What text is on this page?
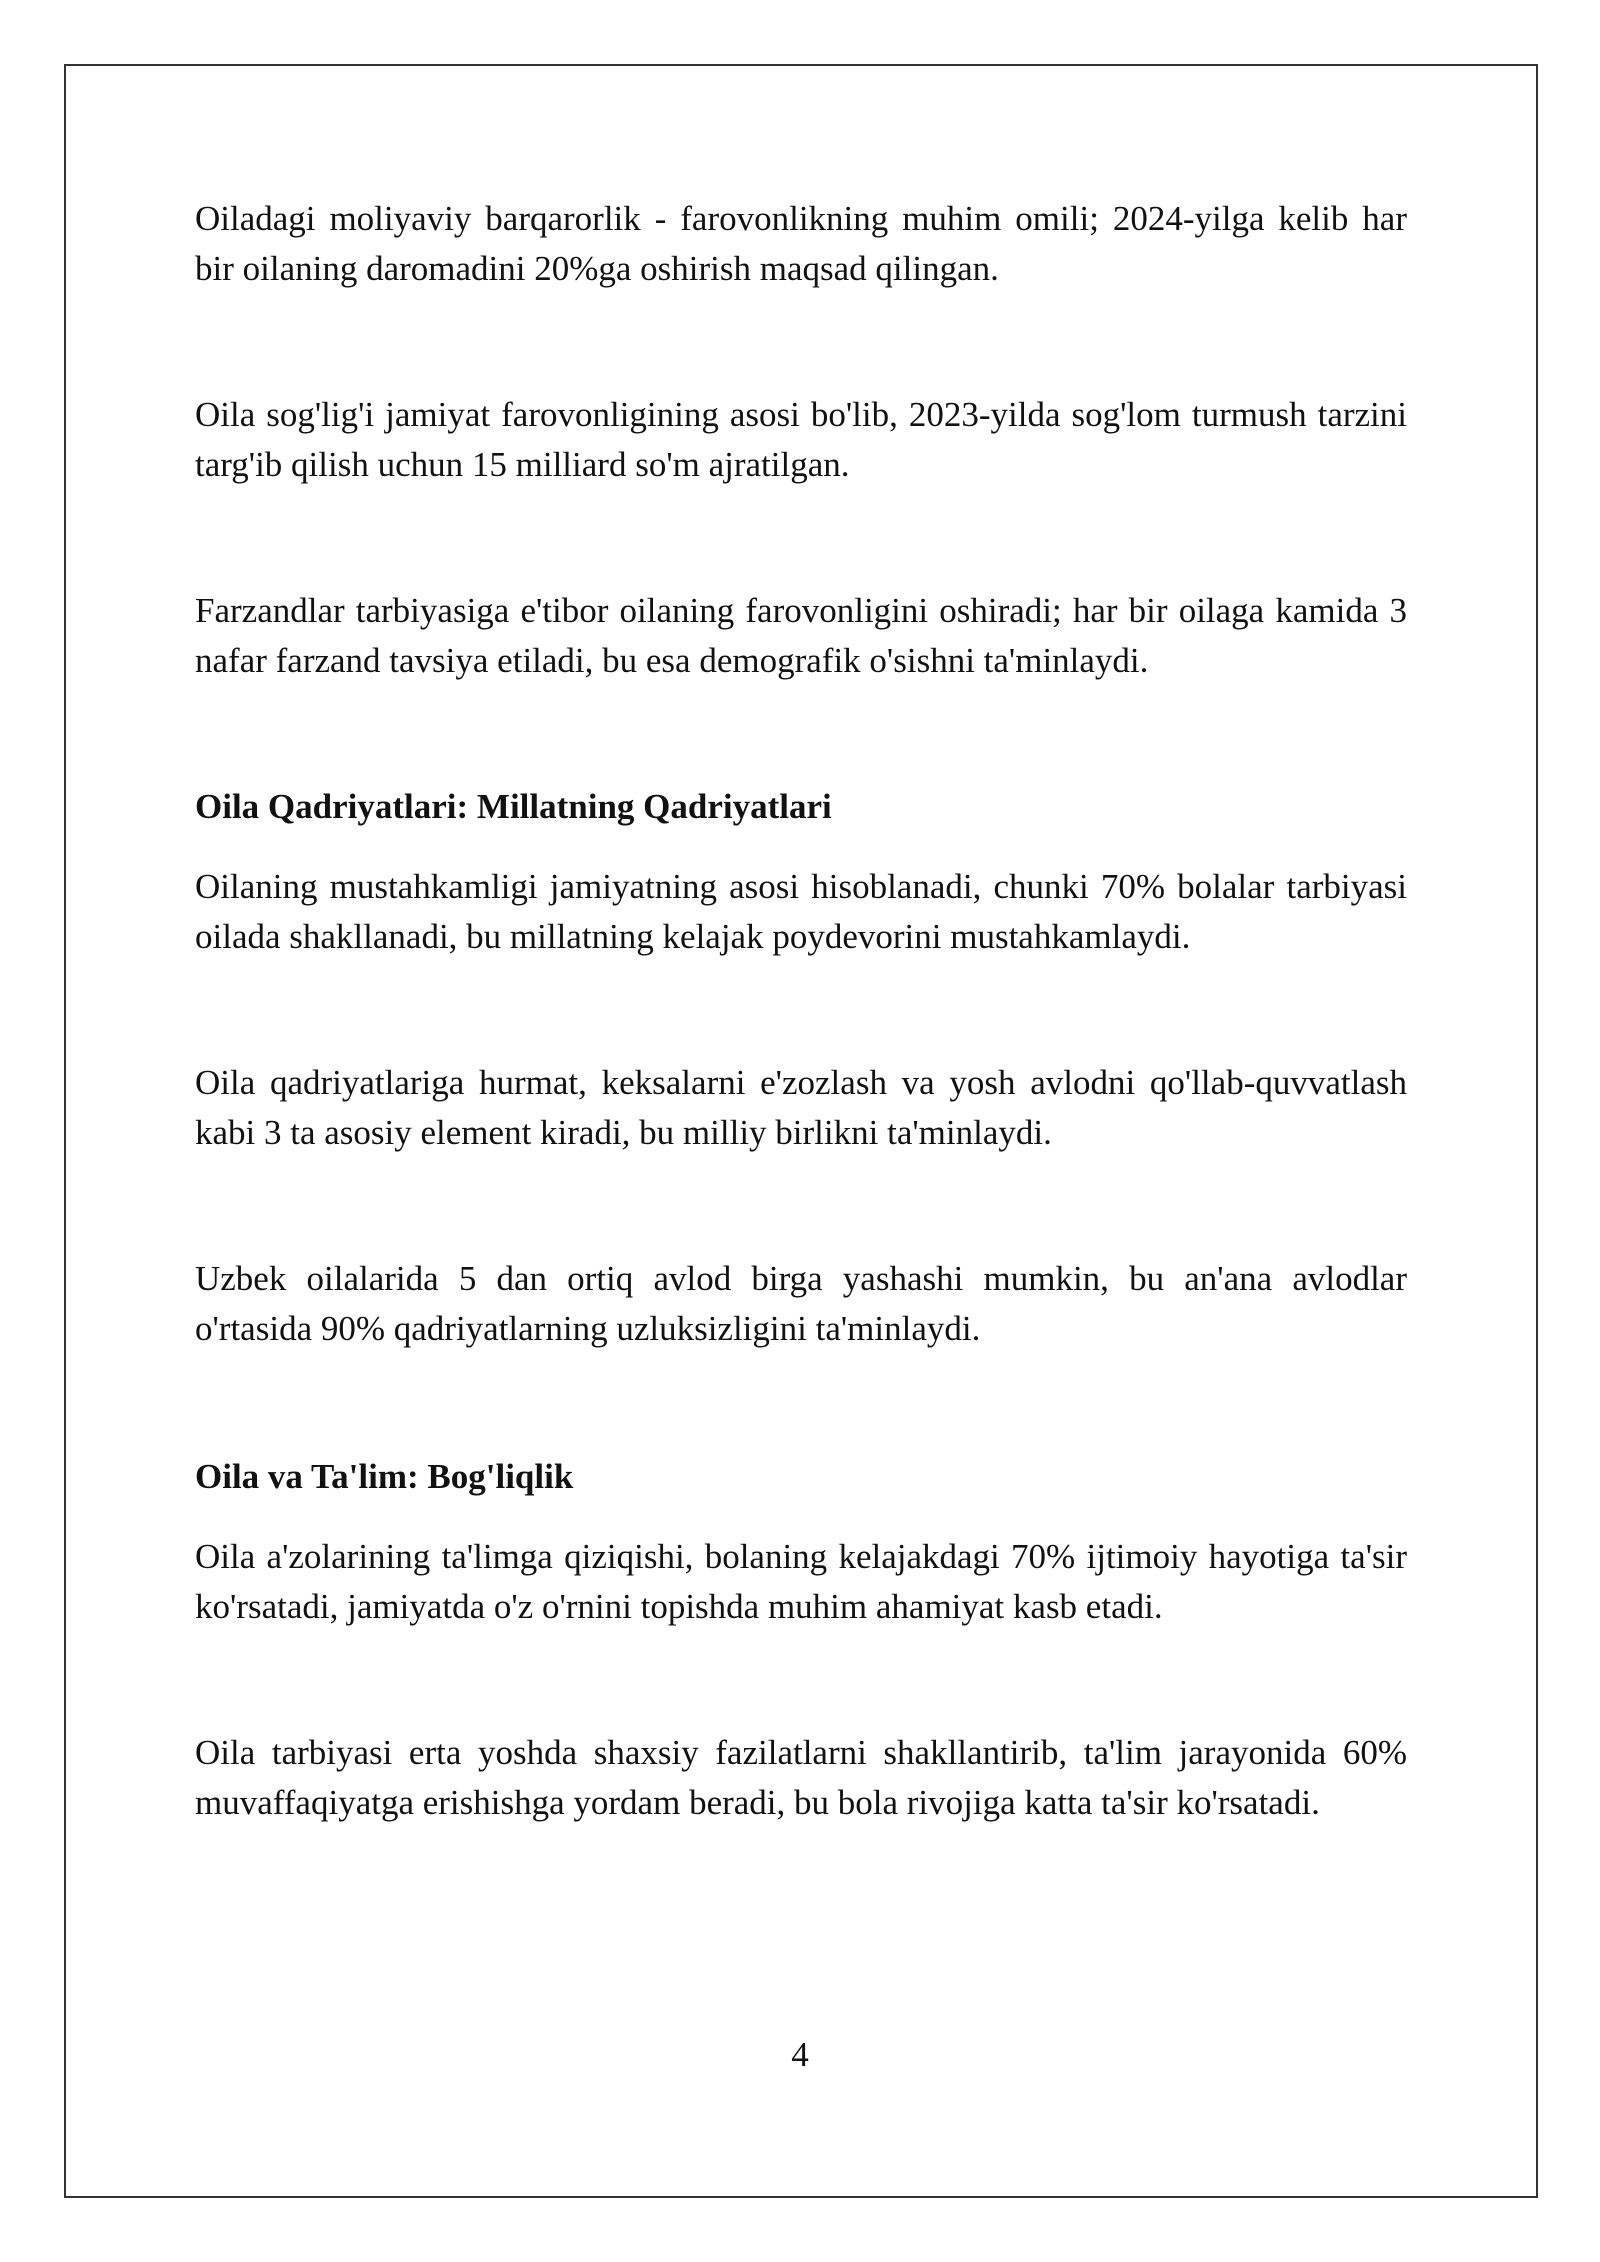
Oiladagi moliyaviy barqarorlik - farovonlikning muhim omili; 2024-yilga kelib har bir oilaning daromadini 20%ga oshirish maqsad qilingan.

Oila sog'lig'i jamiyat farovonligining asosi bo'lib, 2023-yilda sog'lom turmush tarzini targ'ib qilish uchun 15 milliard so'm ajratilgan.

Farzandlar tarbiyasiga e'tibor oilaning farovonligini oshiradi; har bir oilaga kamida 3 nafar farzand tavsiya etiladi, bu esa demografik o'sishni ta'minlaydi.

Oila Qadriyatlari: Millatning Qadriyatlari

Oilaning mustahkamligi jamiyatning asosi hisoblanadi, chunki 70% bolalar tarbiyasi oilada shakllanadi, bu millatning kelajak poydevorini mustahkamlaydi.

Oila qadriyatlariga hurmat, keksalarni e'zozlash va yosh avlodni qo'llab-quvvatlash kabi 3 ta asosiy element kiradi, bu milliy birlikni ta'minlaydi.

Uzbek oilalarida 5 dan ortiq avlod birga yashashi mumkin, bu an'ana avlodlar o'rtasida 90% qadriyatlarning uzluksizligini ta'minlaydi.

Oila va Ta'lim: Bog'liqlik

Oila a'zolarining ta'limga qiziqishi, bolaning kelajakdagi 70% ijtimoiy hayotiga ta'sir ko'rsatadi, jamiyatda o'z o'rnini topishda muhim ahamiyat kasb etadi.

Oila tarbiyasi erta yoshda shaxsiy fazilatlarni shakllantirib, ta'lim jarayonida 60% muvaffaqiyatga erishishga yordam beradi, bu bola rivojiga katta ta'sir ko'rsatadi.

4
